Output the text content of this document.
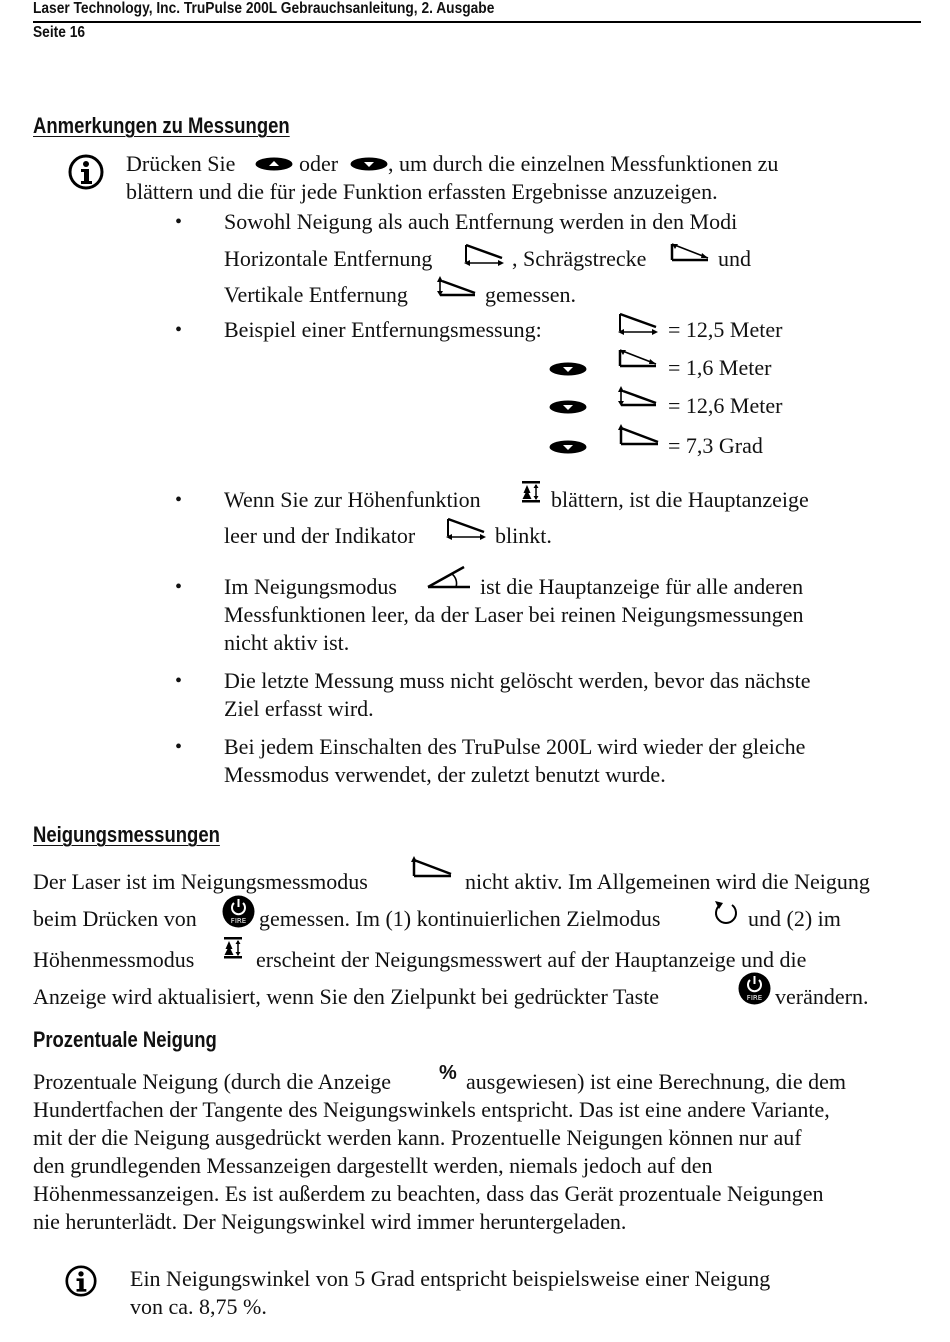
Laser Technology, Inc. TruPulse 200L Gebrauchsanleitung, 2. Ausgabe
Seite 16
Anmerkungen zu Messungen
Drücken Sie	oder , um durch die einzelnen Messfunktionen zu
blättern und die für jede Funktion erfassten Ergebnisse anzuzeigen.
• Sowohl Neigung als auch Entfernung werden in den Modi
Horizontale Entfernung	, Schrägstrecke	und
Vertikale Entfernung	gemessen.
• Beispiel einer Entfernungsmessung:	= 12,5 Meter
= 1,6 Meter
= 12,6 Meter
= 7,3 Grad
• Wenn Sie zur Höhenfunktion	blättern, ist die Hauptanzeige
leer und der Indikator	blinkt.
• Im Neigungsmodus	ist die Hauptanzeige für alle anderen
Messfunktionen leer, da der Laser bei reinen Neigungsmessungen
nicht aktiv ist.
• Die letzte Messung muss nicht gelöscht werden, bevor das nächste
Ziel erfasst wird.
• Bei jedem Einschalten des TruPulse 200L wird wieder der gleiche
Messmodus verwendet, der zuletzt benutzt wurde.
Neigungsmessungen
Der Laser ist im Neigungsmessmodus	nicht aktiv. Im Allgemeinen wird die Neigung
beim Drücken von	FIRE gemessen. Im (1) kontinuierlichen Zielmodus	und (2) im
Höhenmessmodus	erscheint der Neigungsmesswert auf der Hauptanzeige und die
Anzeige wird aktualisiert, wenn Sie den Zielpunkt bei gedrückter Taste	FIRE verändern.
Prozentuale Neigung
Prozentuale Neigung (durch die Anzeige % ausgewiesen) ist eine Berechnung, die dem
Hundertfachen der Tangente des Neigungswinkels entspricht. Das ist eine andere Variante,
mit der die Neigung ausgedrückt werden kann. Prozentuelle Neigungen können nur auf
den grundlegenden Messanzeigen dargestellt werden, niemals jedoch auf den
Höhenmessanzeigen. Es ist außerdem zu beachten, dass das Gerät prozentuale Neigungen
nie herunterlädt. Der Neigungswinkel wird immer heruntergeladen.
Ein Neigungswinkel von 5 Grad entspricht beispielsweise einer Neigung
von ca. 8,75 %.
